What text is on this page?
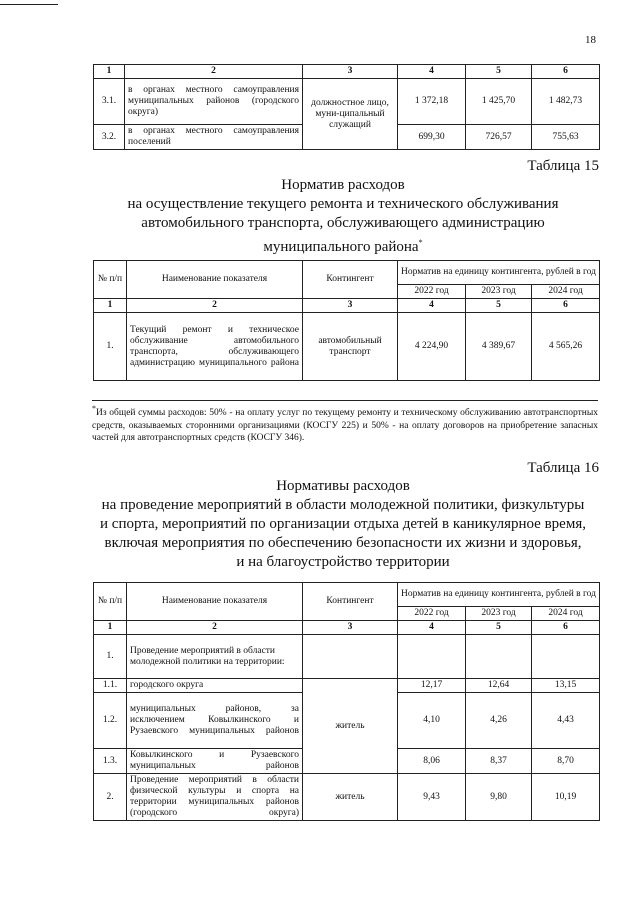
18
1	2	3	4	5	6
3.1.	в органах местного самоуправления муниципальных районов (городского округа)	должностное лицо, муни-ципальный служащий	1 372,18	1 425,70	1 482,73
3.2.	в органах местного самоуправления поселений		699,30	726,57	755,63
Таблица 15
Норматив расходов
на осуществление текущего ремонта и технического обслуживания
автомобильного транспорта, обслуживающего администрацию
муниципального района*
№ п/п	Наименование показателя	Контингент	Норматив на единицу контингента, рублей в год		
			2022 год	2023 год	2024 год
1	2	3	4	5	6
1.	Текущий ремонт и техническое обслуживание автомобильного транспорта, обслуживающего администрацию муниципального района	автомобильный транспорт	4 224,90	4 389,67	4 565,26
*Из общей суммы расходов: 50% - на оплату услуг по текущему ремонту и техническому обслуживанию автотранспортных средств, оказываемых сторонними организациями (КОСГУ 225) и 50% - на оплату договоров на приобретение запасных частей для автотранспортных средств (КОСГУ 346).
Таблица 16
Нормативы расходов
на проведение мероприятий в области молодежной политики, физкультуры
и спорта, мероприятий по организации отдыха детей в каникулярное время,
включая мероприятия по обеспечению безопасности их жизни и здоровья,
и на благоустройство территории
№ п/п	Наименование показателя	Контингент	Норматив на единицу контингента, рублей в год		
			2022 год	2023 год	2024 год
1	2	3	4	5	6
1.	Проведение мероприятий в области молодежной политики на территории:				
1.1.	городского округа	житель	12,17	12,64	13,15
1.2.	муниципальных районов, за исключением Ковылкинского и Рузаевского муниципальных районов		4,10	4,26	4,43
1.3.	Ковылкинского и Рузаевского муниципальных районов		8,06	8,37	8,70
2.	Проведение мероприятий в области физической культуры и спорта на территории муниципальных районов (городского округа)	житель	9,43	9,80	10,19
